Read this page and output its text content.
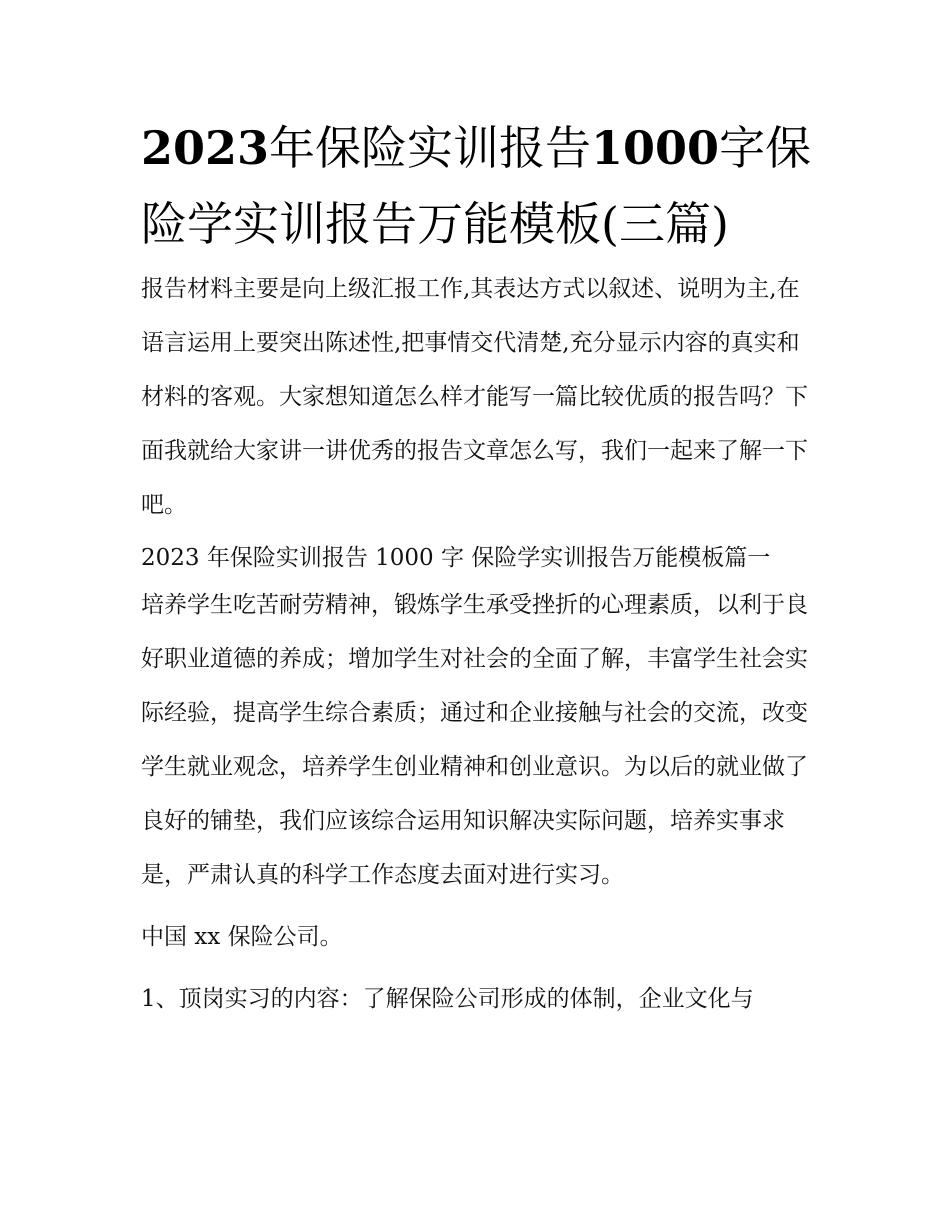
2023年保险实训报告1000字保险学实训报告万能模板(三篇)

报告材料主要是向上级汇报工作,其表达方式以叙述、说明为主,在语言运用上要突出陈述性,把事情交代清楚,充分显示内容的真实和材料的客观。大家想知道怎么样才能写一篇比较优质的报告吗？下面我就给大家讲一讲优秀的报告文章怎么写，我们一起来了解一下吧。

2023 年保险实训报告 1000 字 保险学实训报告万能模板篇一

培养学生吃苦耐劳精神，锻炼学生承受挫折的心理素质，以利于良好职业道德的养成；增加学生对社会的全面了解，丰富学生社会实际经验，提高学生综合素质；通过和企业接触与社会的交流，改变学生就业观念，培养学生创业精神和创业意识。为以后的就业做了良好的铺垫，我们应该综合运用知识解决实际问题，培养实事求是，严肃认真的科学工作态度去面对进行实习。

中国 xx 保险公司。

1、顶岗实习的内容：了解保险公司形成的体制，企业文化与
